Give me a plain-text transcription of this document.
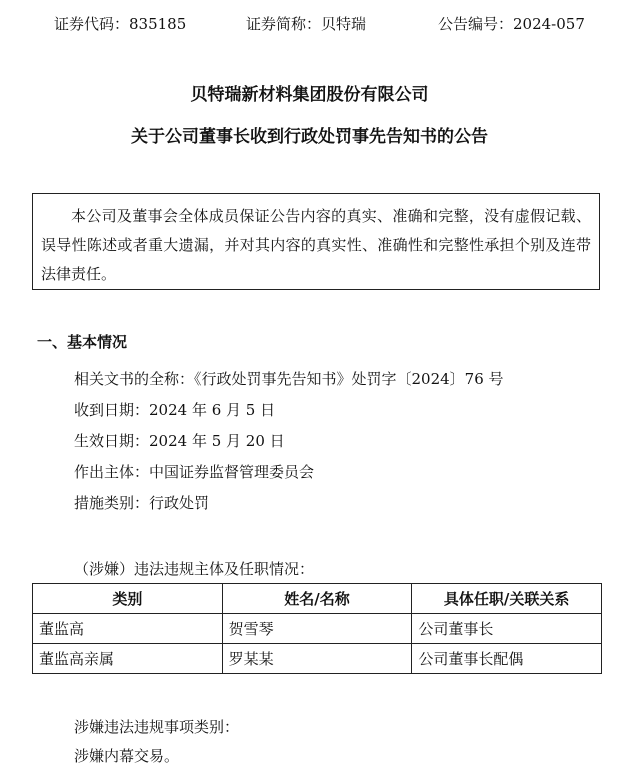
证券代码：835185	证券简称：贝特瑞	公告编号：2024-057
贝特瑞新材料集团股份有限公司
关于公司董事长收到行政处罚事先告知书的公告
本公司及董事会全体成员保证公告内容的真实、准确和完整，没有虚假记载、误导性陈述或者重大遗漏，并对其内容的真实性、准确性和完整性承担个别及连带法律责任。
一、基本情况
相关文书的全称：《行政处罚事先告知书》处罚字〔2024〕76 号
收到日期：2024 年 6 月 5 日
生效日期：2024 年 5 月 20 日
作出主体：中国证券监督管理委员会
措施类别：行政处罚
（涉嫌）违法违规主体及任职情况：
类别	姓名/名称	具体任职/关联关系
董监高	贺雪琴	公司董事长
董监高亲属	罗某某	公司董事长配偶
涉嫌违法违规事项类别：
涉嫌内幕交易。
